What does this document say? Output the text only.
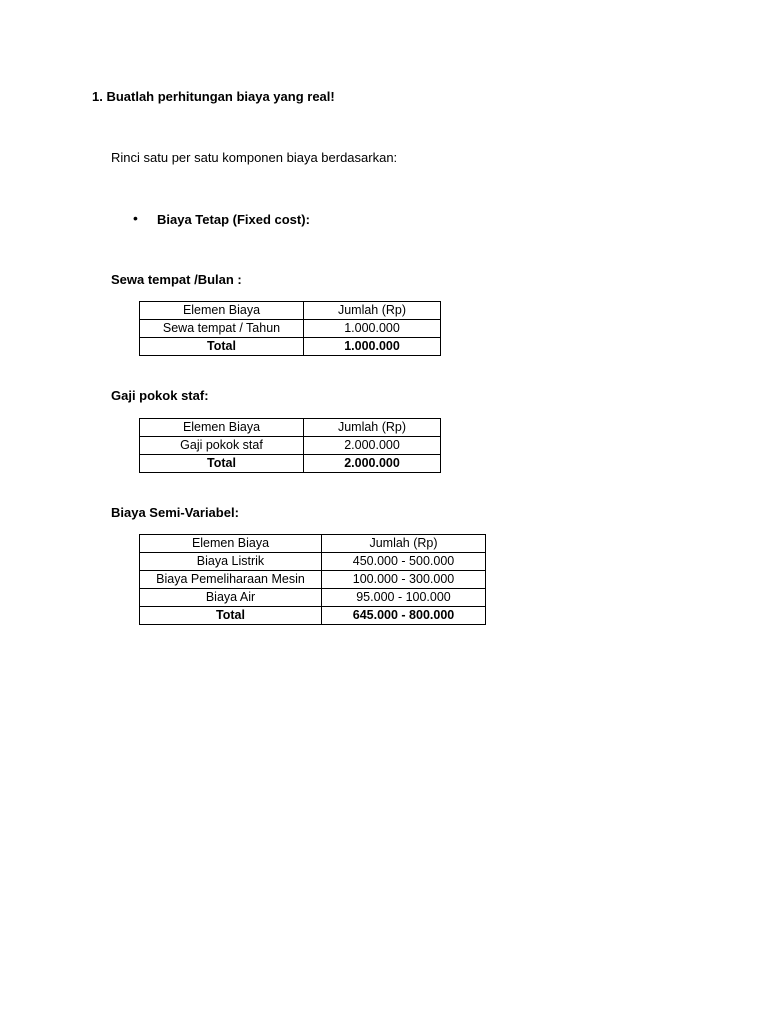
1. Buatlah perhitungan biaya yang real!
Rinci satu per satu komponen biaya berdasarkan:
• Biaya Tetap (Fixed cost):
Sewa tempat /Bulan :
Elemen Biaya	Jumlah (Rp)
Sewa tempat / Tahun	1.000.000
Total	1.000.000
Gaji pokok staf:
Elemen Biaya	Jumlah (Rp)
Gaji pokok staf	2.000.000
Total	2.000.000
Biaya Semi-Variabel:
Elemen Biaya	Jumlah (Rp)
Biaya Listrik	450.000 - 500.000
Biaya Pemeliharaan Mesin	100.000 - 300.000
Biaya Air	95.000 - 100.000
Total	645.000 - 800.000
